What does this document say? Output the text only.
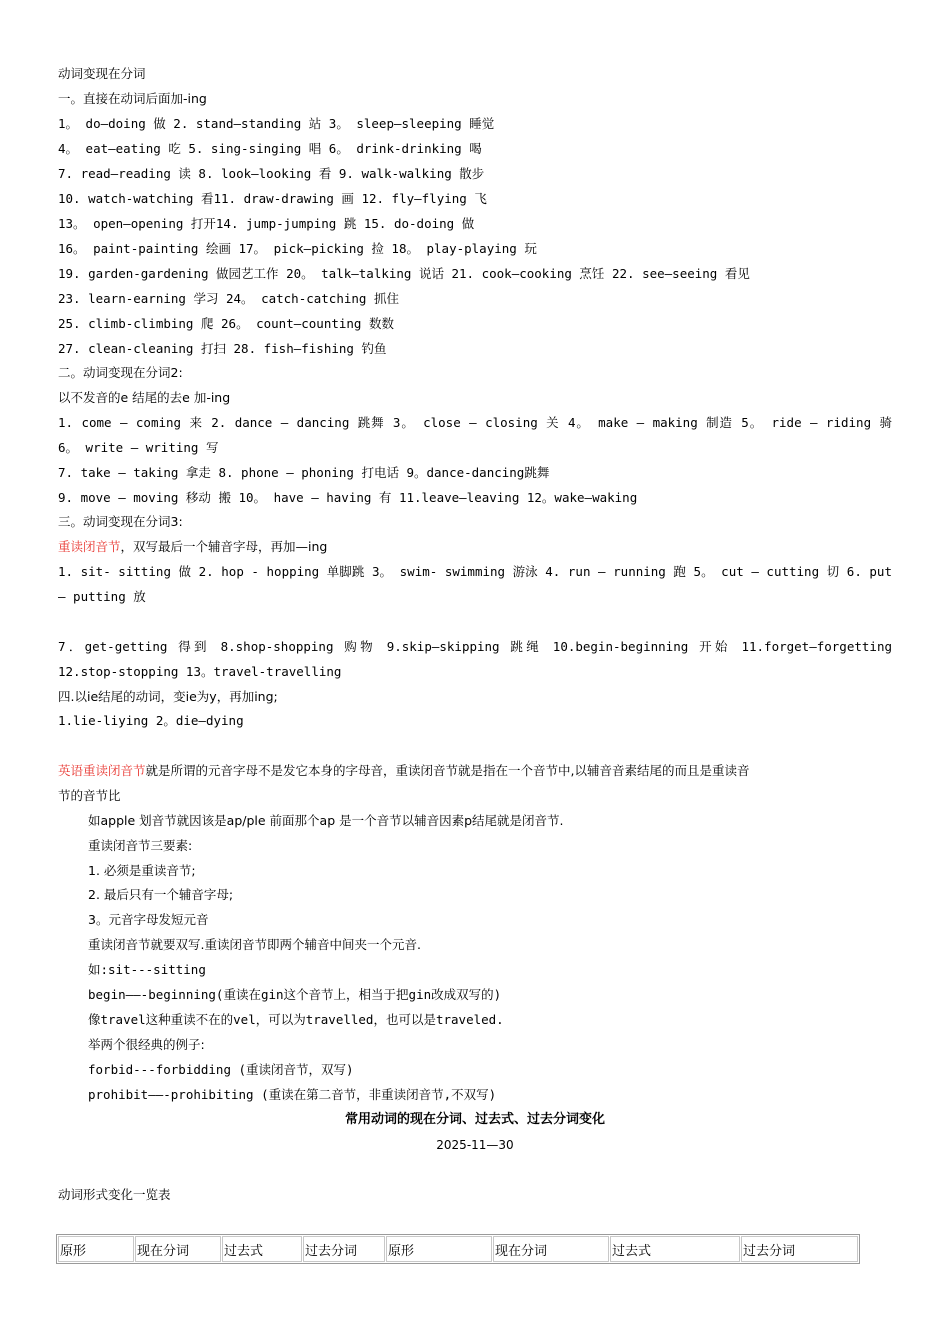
动词变现在分词
一。直接在动词后面加-ing
1。 do—doing 做 2. stand—standing 站 3。 sleep—sleeping 睡觉
4。 eat—eating 吃 5. sing-singing 唱 6。 drink-drinking 喝
7. read—reading 读 8. look—looking 看 9. walk-walking 散步
10. watch-watching 看11. draw-drawing 画 12. fly—flying 飞
13。 open—opening 打开14. jump-jumping 跳 15. do-doing 做
16。 paint-painting 绘画 17。 pick—picking 捡 18。 play-playing 玩
19. garden-gardening 做园艺工作 20。 talk—talking 说话 21. cook—cooking 烹饪 22. see—seeing 看见
23. learn-earning 学习 24。 catch-catching 抓住
25. climb-climbing 爬 26。 count—counting 数数
27. clean-cleaning 打扫 28. fish—fishing 钓鱼
二。动词变现在分词2:
以不发音的e 结尾的去e 加-ing
1. come – coming 来 2. dance – dancing 跳舞 3。 close – closing 关 4。 make – making 制造 5。 ride – riding 骑
6。 write — writing 写
7. take — taking 拿走 8. phone — phoning 打电话 9。dance-dancing跳舞
9. move – moving 移动 搬 10。 have – having 有 11.leave—leaving 12。wake—waking
三。动词变现在分词3:
重读闭音节，双写最后一个辅音字母，再加—ing
1. sit- sitting 做 2. hop - hopping 单脚跳 3。 swim- swimming 游泳 4. run — running 跑 5。 cut – cutting 切 6. put
– putting 放
7．get-getting 得到 8.shop-shopping 购物 9.skip—skipping 跳绳 10.begin-beginning 开始 11.forget—forgetting
12.stop-stopping 13。travel-travelling
四.以ie结尾的动词，变ie为y，再加ing;
1.lie-liying 2。die—dying
英语重读闭音节就是所谓的元音字母不是发它本身的字母音，重读闭音节就是指在一个音节中,以辅音音素结尾的而且是重读音
节的音节比
如apple 划音节就因该是ap/ple 前面那个ap 是一个音节以辅音因素p结尾就是闭音节.
重读闭音节三要素:
1. 必须是重读音节;
2. 最后只有一个辅音字母;
3。元音字母发短元音
重读闭音节就要双写.重读闭音节即两个辅音中间夹一个元音.
如:sit---sitting
begin——-beginning(重读在gin这个音节上，相当于把gin改成双写的)
像travel这种重读不在的vel，可以为travelled，也可以是traveled.
举两个很经典的例子:
forbid---forbidding (重读闭音节，双写)
prohibit——-prohibiting (重读在第二音节，非重读闭音节,不双写)
常用动词的现在分词、过去式、过去分词变化
2025-11—30
动词形式变化一览表
原形	现在分词	过去式	过去分词	原形	现在分词	过去式	过去分词
